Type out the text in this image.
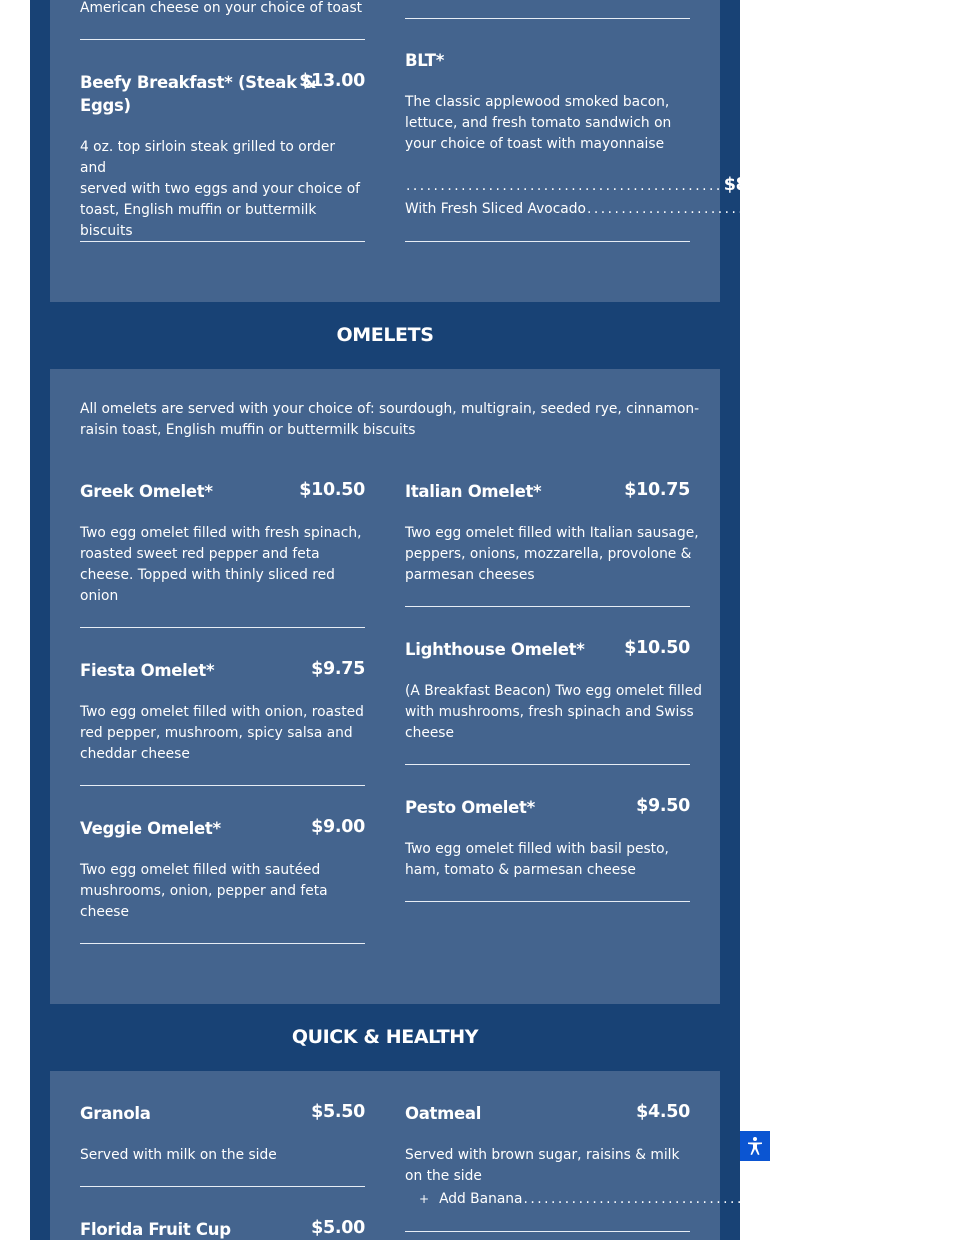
American cheese on your choice of toast
Beefy Breakfast* (Steak &
Eggs)
$13.00
4 oz. top sirloin steak grilled to order and
served with two eggs and your choice of
toast, English muffin or buttermilk
biscuits
BLT*
The classic applewood smoked bacon,
lettuce, and fresh tomato sandwich on
your choice of toast with mayonnaise
.............................................. $8.50
With Fresh Sliced Avocado .............................................. $10.00
OMELETS
All omelets are served with your choice of: sourdough, multigrain, seeded rye, cinnamon-
raisin toast, English muffin or buttermilk biscuits
Greek Omelet*	$10.50
Two egg omelet filled with fresh spinach,
roasted sweet red pepper and feta
cheese. Topped with thinly sliced red
onion
Fiesta Omelet*	$9.75
Two egg omelet filled with onion, roasted
red pepper, mushroom, spicy salsa and
cheddar cheese
Veggie Omelet*	$9.00
Two egg omelet filled with sautéed
mushrooms, onion, pepper and feta
cheese
Italian Omelet*	$10.75
Two egg omelet filled with Italian sausage,
peppers, onions, mozzarella, provolone &
parmesan cheeses
Lighthouse Omelet* $10.50
(A Breakfast Beacon) Two egg omelet filled
with mushrooms, fresh spinach and Swiss
cheese
Pesto Omelet*	$9.50
Two egg omelet filled with basil pesto,
ham, tomato & parmesan cheese
QUICK & HEALTHY
Granola	$5.50
Served with milk on the side
Florida Fruit Cup	$5.00
Oatmeal	$4.50
Served with brown sugar, raisins & milk
on the side
+ Add Banana .............................................. $1.00
